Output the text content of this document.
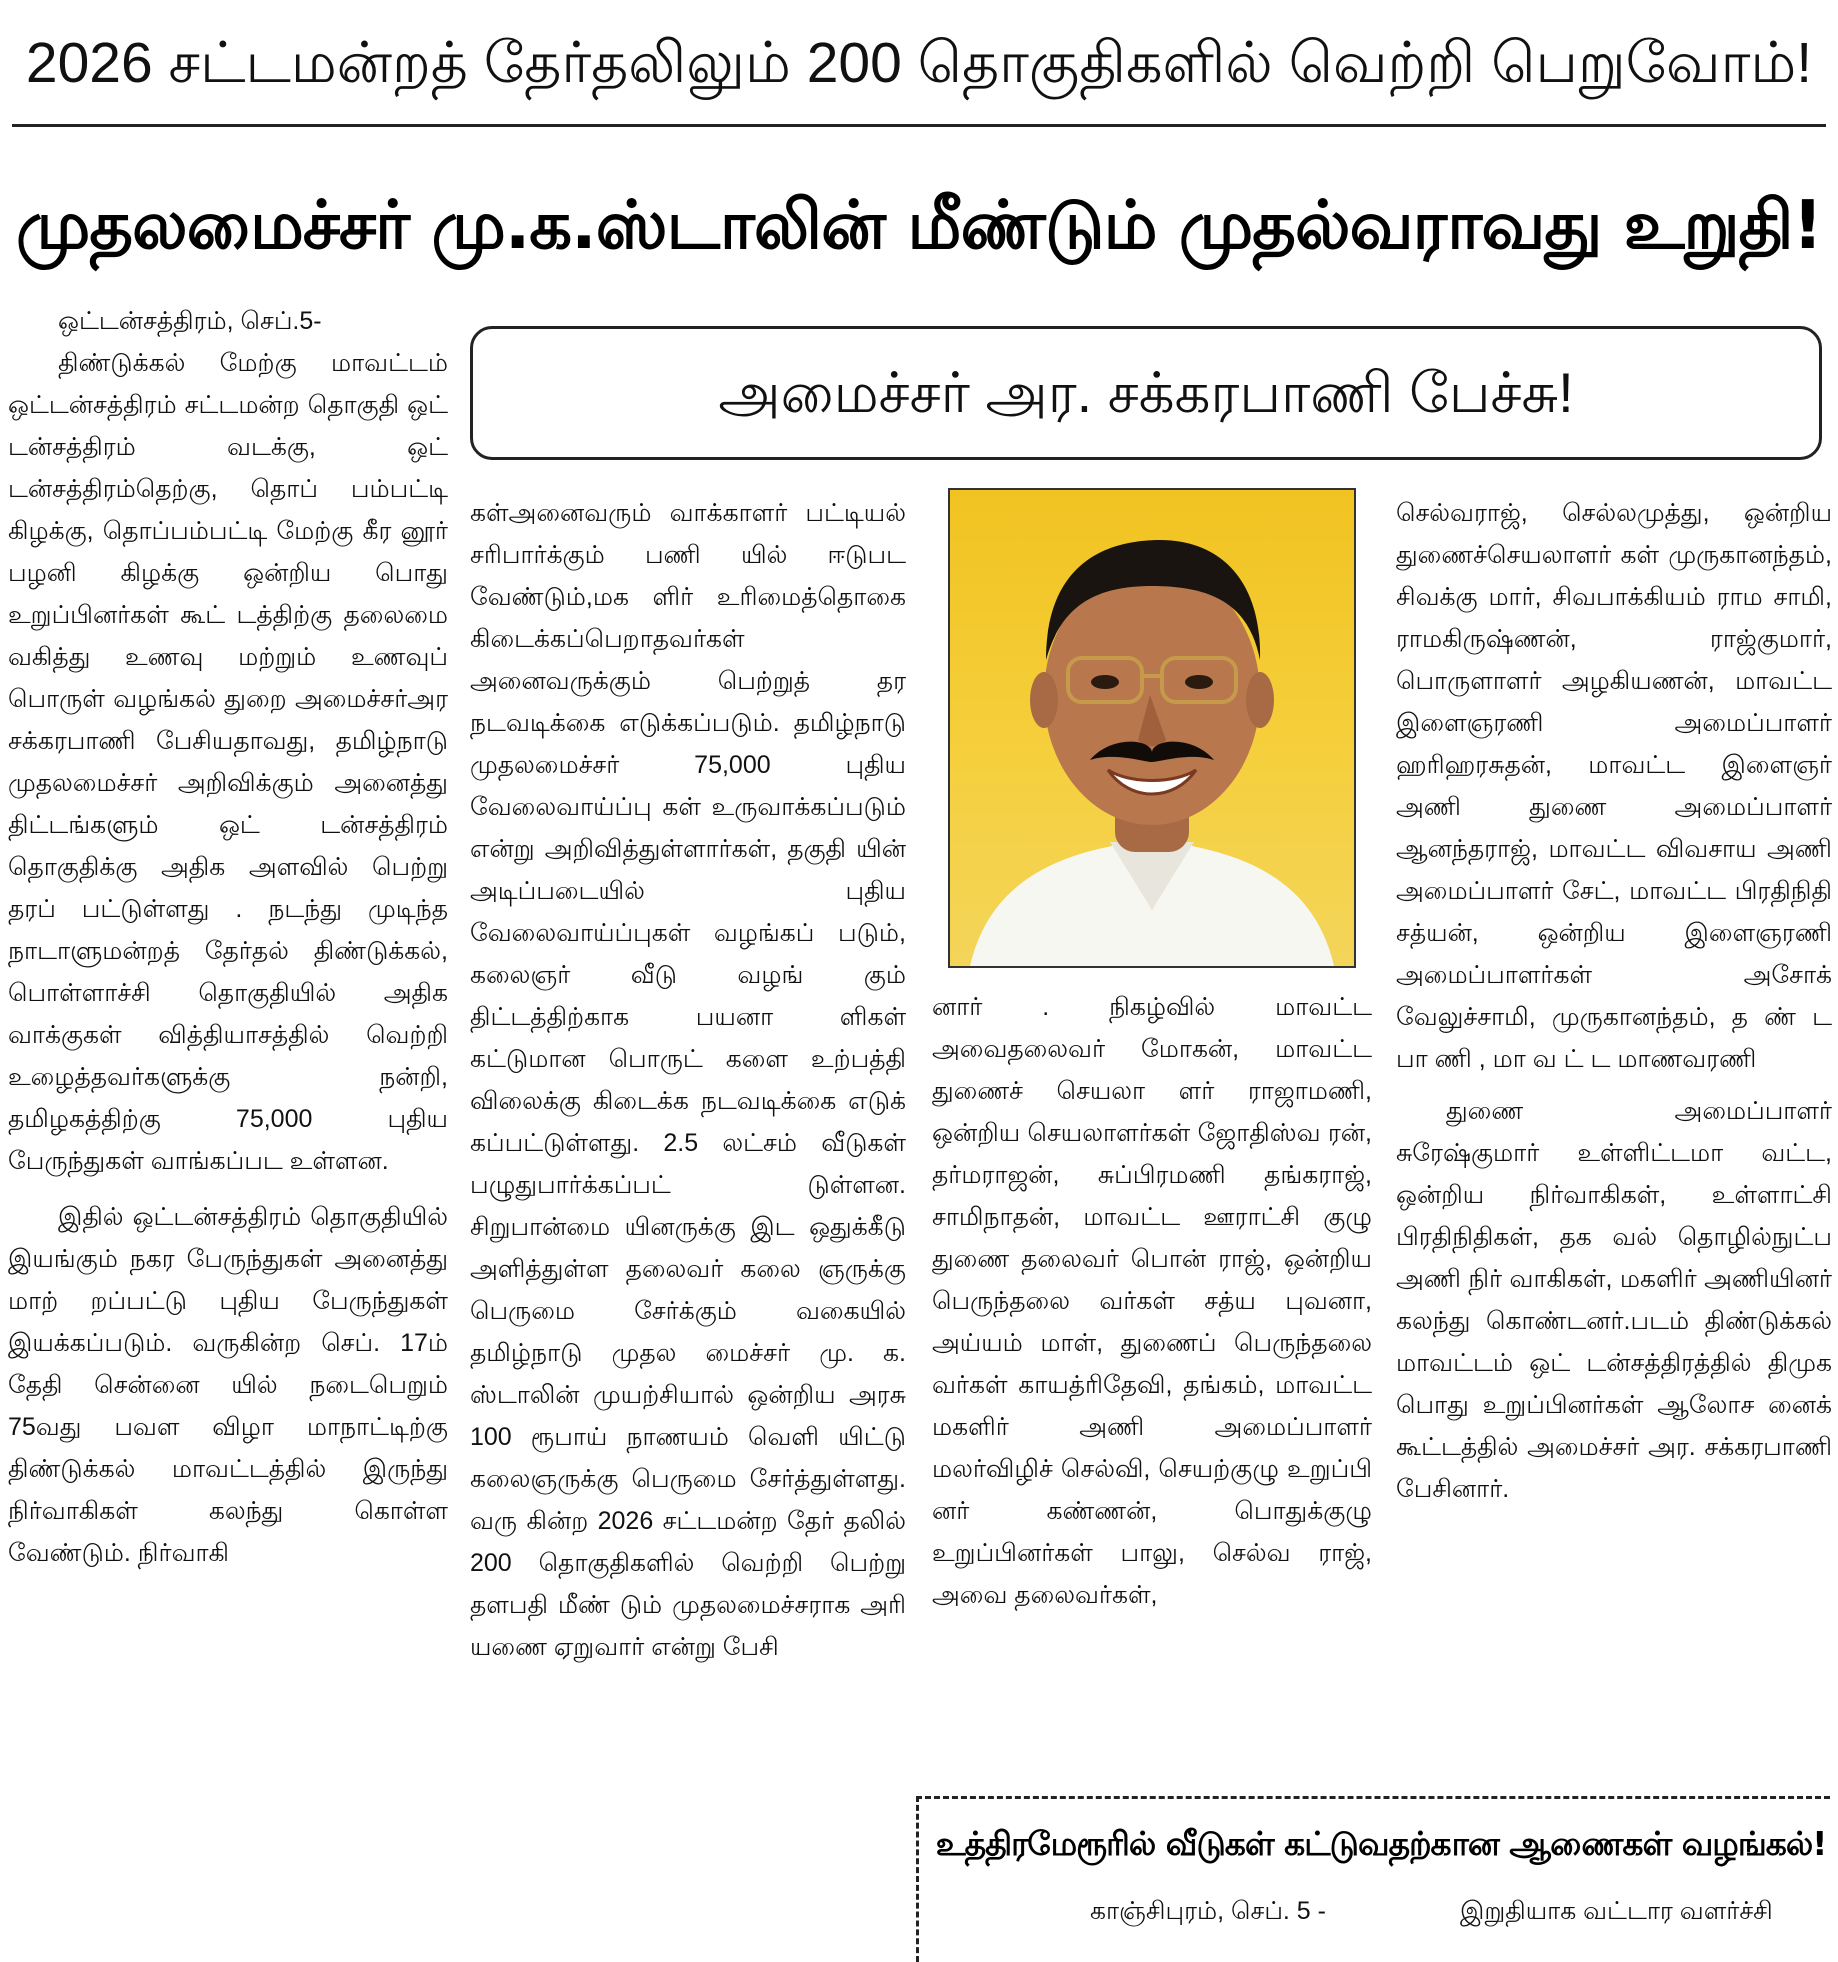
2026 சட்டமன்றத் தேர்தலிலும் 200 தொகுதிகளில் வெற்றி பெறுவோம்!
முதலமைச்சர் மு.க.ஸ்டாலின் மீண்டும் முதல்வராவது உறுதி!
அமைச்சர் அர. சக்கரபாணி பேச்சு!

ஒட்டன்சத்திரம், செப்.5-

திண்டுக்கல் மேற்கு மாவட்டம் ஒட்டன்சத்திரம் சட்டமன்ற தொகுதி ஒட் டன்சத்திரம் வடக்கு, ஒட் டன்சத்திரம்தெற்கு, தொப் பம்பட்டி கிழக்கு, தொப்பம்பட்டி மேற்கு கீர னூர் பழனி கிழக்கு ஒன்றிய பொது உறுப்பினர்கள் கூட் டத்திற்கு தலைமை வகித்து உணவு மற்றும் உணவுப் பொருள் வழங்கல் துறை அமைச்சர்அர சக்கரபாணி பேசியதாவது, தமிழ்நாடு முதலமைச்சர் அறிவிக்கும் அனைத்து திட்டங்களும் ஒட் டன்சத்திரம் தொகுதிக்கு அதிக அளவில் பெற்று தரப் பட்டுள்ளது . நடந்து முடிந்த நாடாளுமன்றத் தேர்தல் திண்டுக்கல், பொள்ளாச்சி தொகுதியில் அதிக வாக்குகள் வித்தியாசத்தில் வெற்றி உழைத்தவர்களுக்கு நன்றி, தமிழகத்திற்கு 75,000 புதிய பேருந்துகள் வாங்கப்பட உள்ளன.

இதில் ஒட்டன்சத்திரம் தொகுதியில் இயங்கும் நகர பேருந்துகள் அனைத்து மாற் றப்பட்டு புதிய பேருந்துகள் இயக்கப்படும். வருகின்ற செப். 17ம் தேதி சென்னை யில் நடைபெறும் 75வது பவள விழா மாநாட்டிற்கு திண்டுக்கல் மாவட்டத்தில் இருந்து நிர்வாகிகள் கலந்து கொள்ள வேண்டும். நிர்வாகி

கள்அனைவரும் வாக்காளர் பட்டியல் சரிபார்க்கும் பணி யில் ஈடுபட வேண்டும்,மக ளிர் உரிமைத்தொகை கிடைக்கப்பெறாதவர்கள் அனைவருக்கும் பெற்றுத் தர நடவடிக்கை எடுக்கப்படும். தமிழ்நாடு முதலமைச்சர் 75,000 புதிய வேலைவாய்ப்பு கள் உருவாக்கப்படும் என்று அறிவித்துள்ளார்கள், தகுதி யின் அடிப்படையில் புதிய வேலைவாய்ப்புகள் வழங்கப் படும், கலைஞர் வீடு வழங் கும் திட்டத்திற்காக பயனா ளிகள் கட்டுமான பொருட் களை உற்பத்தி விலைக்கு கிடைக்க நடவடிக்கை எடுக் கப்பட்டுள்ளது. 2.5 லட்சம் வீடுகள் பழுதுபார்க்கப்பட் டுள்ளன. சிறுபான்மை யினருக்கு இட ஒதுக்கீடு அளித்துள்ள தலைவர் கலை ஞருக்கு பெருமை சேர்க்கும் வகையில் தமிழ்நாடு முதல மைச்சர் மு. க. ஸ்டாலின் முயற்சியால் ஒன்றிய அரசு 100 ரூபாய் நாணயம் வெளி யிட்டு கலைஞருக்கு பெருமை சேர்த்துள்ளது. வரு கின்ற 2026 சட்டமன்ற தேர் தலில் 200 தொகுதிகளில் வெற்றி பெற்று தளபதி மீண் டும் முதலமைச்சராக அரி யணை ஏறுவார் என்று பேசி

னார் . நிகழ்வில் மாவட்ட அவைதலைவர் மோகன், மாவட்ட துணைச் செயலா ளர் ராஜாமணி, ஒன்றிய செயலாளர்கள் ஜோதிஸ்வ ரன், தர்மராஜன், சுப்பிரமணி தங்கராஜ், சாமிநாதன், மாவட்ட ஊராட்சி குழு துணை தலைவர் பொன் ராஜ், ஒன்றிய பெருந்தலை வர்கள் சத்ய புவனா, அய்யம் மாள், துணைப் பெருந்தலை வர்கள் காயத்ரிதேவி, தங்கம், மாவட்ட மகளிர் அணி அமைப்பாளர் மலர்விழிச் செல்வி, செயற்குழு உறுப்பி னர் கண்ணன், பொதுக்குழு உறுப்பினர்கள் பாலு, செல்வ ராஜ், அவை தலைவர்கள்,

செல்வராஜ், செல்லமுத்து, ஒன்றிய துணைச்செயலாளர் கள் முருகானந்தம், சிவக்கு மார், சிவபாக்கியம் ராம சாமி, ராமகிருஷ்ணன், ராஜ்குமார், பொருளாளர் அழகியணன், மாவட்ட இளைஞரணி அமைப்பாளர் ஹரிஹரசுதன், மாவட்ட இளைஞர் அணி துணை அமைப்பாளர் ஆனந்தராஜ், மாவட்ட விவசாய அணி அமைப்பாளர் சேட், மாவட்ட பிரதிநிதி சத்யன், ஒன்றிய இளைஞரணி அமைப்பாளர்கள் அசோக் வேலுச்சாமி, முருகானந்தம், த ண் ட பா ணி , மா வ ட் ட மாணவரணி

துணை அமைப்பாளர் சுரேஷ்குமார் உள்ளிட்டமா வட்ட, ஒன்றிய நிர்வாகிகள், உள்ளாட்சி பிரதிநிதிகள், தக வல் தொழில்நுட்ப அணி நிர் வாகிகள், மகளிர் அணியினர் கலந்து கொண்டனர்.படம் திண்டுக்கல் மாவட்டம் ஒட் டன்சத்திரத்தில் திமுக பொது உறுப்பினர்கள் ஆலோச னைக் கூட்டத்தில் அமைச்சர் அர. சக்கரபாணி பேசினார்.

உத்திரமேரூரில் வீடுகள் கட்டுவதற்கான ஆணைகள் வழங்கல்!
காஞ்சிபுரம், செப். 5 -	இறுதியாக வட்டார வளர்ச்சி
